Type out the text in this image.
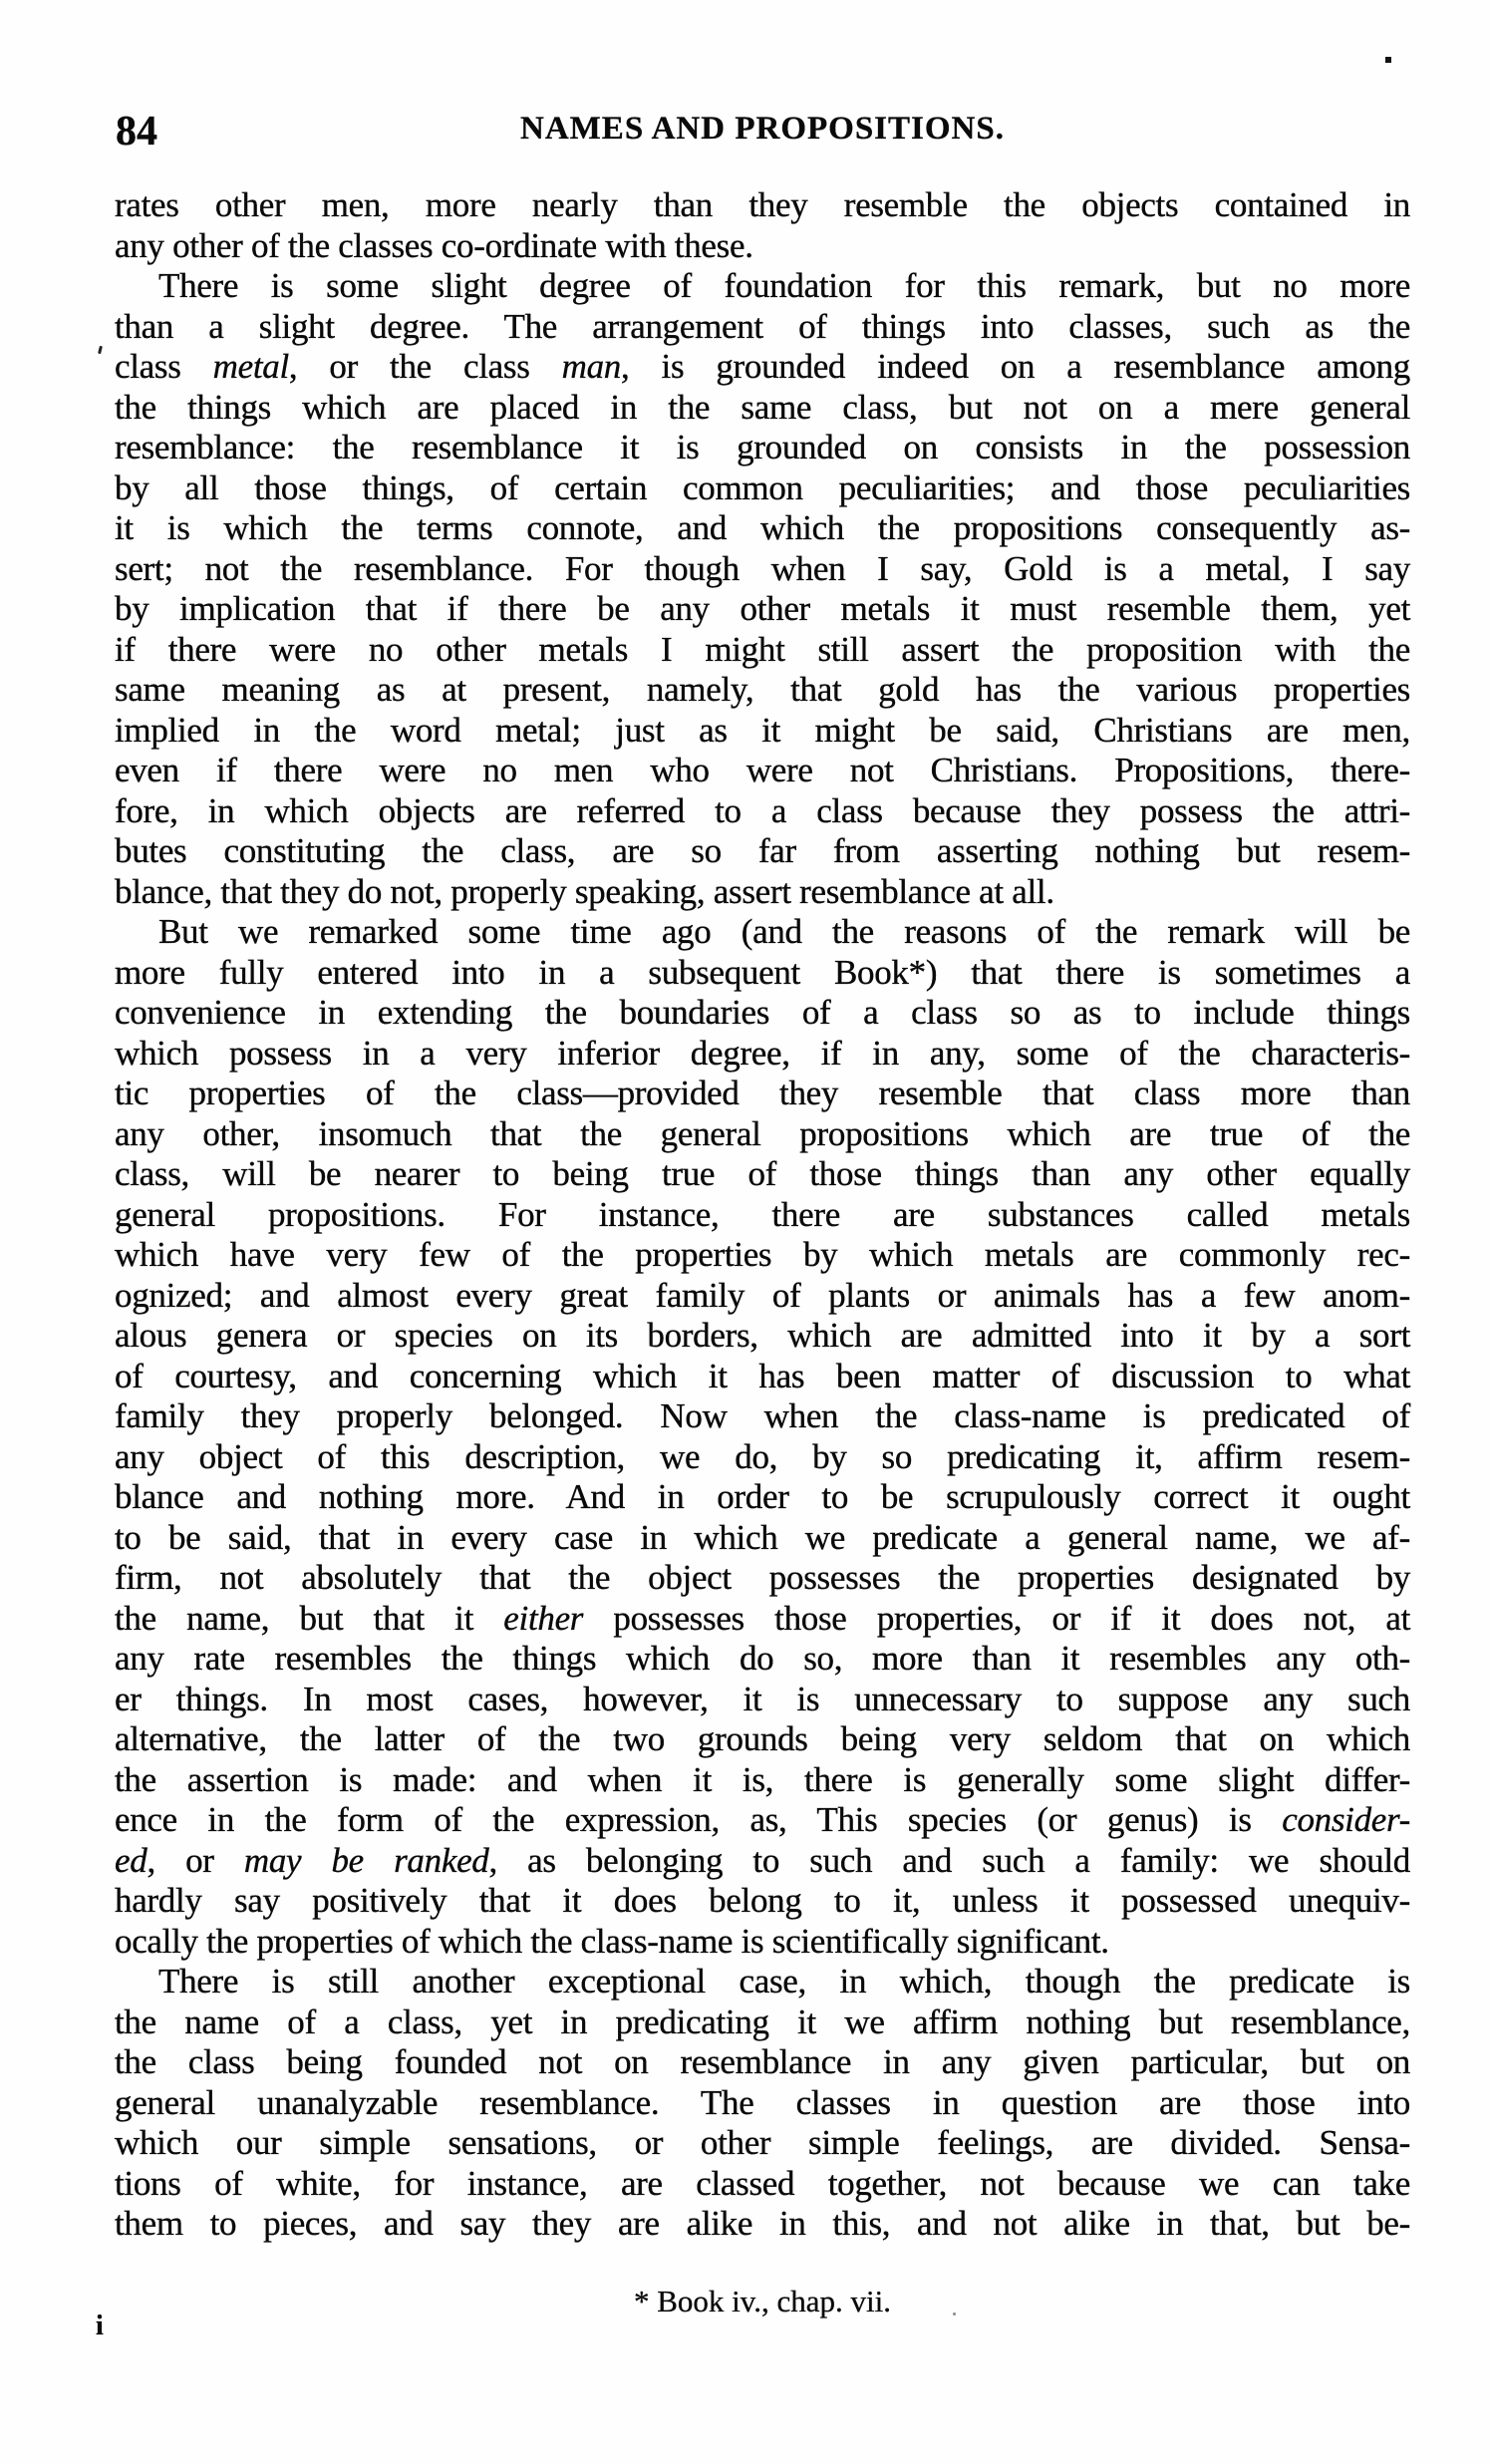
84	NAMES AND PROPOSITIONS.
rates other men, more nearly than they resemble the objects contained in
any other of the classes co-ordinate with these.
There is some slight degree of foundation for this remark, but no more
than a slight degree. The arrangement of things into classes, such as the
class metal, or the class man, is grounded indeed on a resemblance among
the things which are placed in the same class, but not on a mere general
resemblance: the resemblance it is grounded on consists in the possession
by all those things, of certain common peculiarities; and those peculiarities
it is which the terms connote, and which the propositions consequently as-
sert; not the resemblance. For though when I say, Gold is a metal, I say
by implication that if there be any other metals it must resemble them, yet
if there were no other metals I might still assert the proposition with the
same meaning as at present, namely, that gold has the various properties
implied in the word metal; just as it might be said, Christians are men,
even if there were no men who were not Christians. Propositions, there-
fore, in which objects are referred to a class because they possess the attri-
butes constituting the class, are so far from asserting nothing but resem-
blance, that they do not, properly speaking, assert resemblance at all.
But we remarked some time ago (and the reasons of the remark will be
more fully entered into in a subsequent Book*) that there is sometimes a
convenience in extending the boundaries of a class so as to include things
which possess in a very inferior degree, if in any, some of the characteris-
tic properties of the class—provided they resemble that class more than
any other, insomuch that the general propositions which are true of the
class, will be nearer to being true of those things than any other equally
general propositions. For instance, there are substances called metals
which have very few of the properties by which metals are commonly rec-
ognized; and almost every great family of plants or animals has a few anom-
alous genera or species on its borders, which are admitted into it by a sort
of courtesy, and concerning which it has been matter of discussion to what
family they properly belonged. Now when the class-name is predicated of
any object of this description, we do, by so predicating it, affirm resem-
blance and nothing more. And in order to be scrupulously correct it ought
to be said, that in every case in which we predicate a general name, we af-
firm, not absolutely that the object possesses the properties designated by
the name, but that it either possesses those properties, or if it does not, at
any rate resembles the things which do so, more than it resembles any oth-
er things. In most cases, however, it is unnecessary to suppose any such
alternative, the latter of the two grounds being very seldom that on which
the assertion is made: and when it is, there is generally some slight differ-
ence in the form of the expression, as, This species (or genus) is consider-
ed, or may be ranked, as belonging to such and such a family: we should
hardly say positively that it does belong to it, unless it possessed unequiv-
ocally the properties of which the class-name is scientifically significant.
There is still another exceptional case, in which, though the predicate is
the name of a class, yet in predicating it we affirm nothing but resemblance,
the class being founded not on resemblance in any given particular, but on
general unanalyzable resemblance. The classes in question are those into
which our simple sensations, or other simple feelings, are divided. Sensa-
tions of white, for instance, are classed together, not because we can take
them to pieces, and say they are alike in this, and not alike in that, but be-
* Book iv., chap. vii.
i
